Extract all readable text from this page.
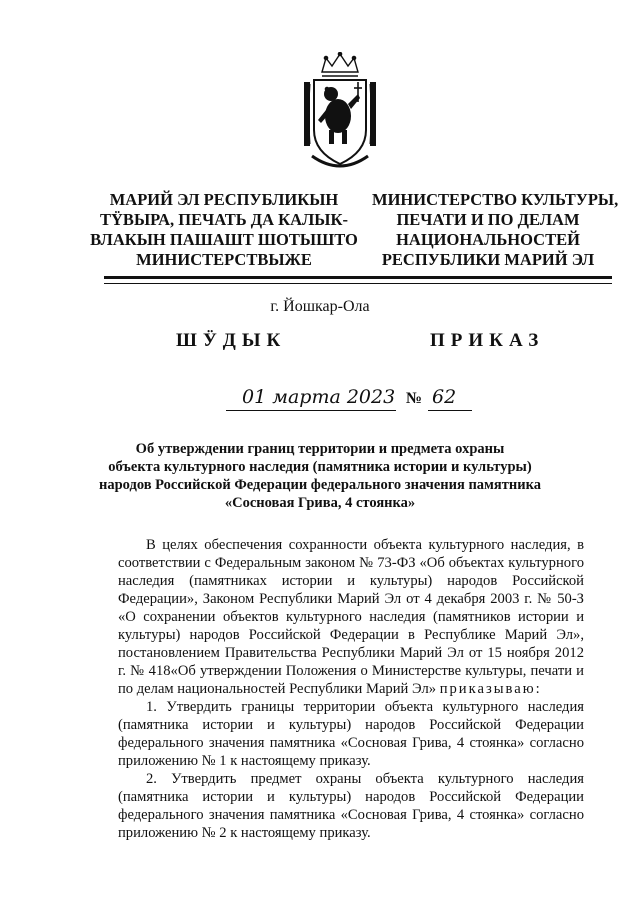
МАРИЙ ЭЛ РЕСПУБЛИКЫН
ТŸВЫРА, ПЕЧАТЬ ДА КАЛЫК-
ВЛАКЫН ПАШАШТ ШОТЫШТО
МИНИСТЕРСТВЫЖЕ
МИНИСТЕРСТВО КУЛЬТУРЫ,
ПЕЧАТИ И ПО ДЕЛАМ
НАЦИОНАЛЬНОСТЕЙ
РЕСПУБЛИКИ МАРИЙ ЭЛ
г. Йошкар-Ола
ШӰДЫК	ПРИКАЗ
01 марта 2023 № 62
Об утверждении границ территории и предмета охраны
объекта культурного наследия (памятника истории и культуры)
народов Российской Федерации федерального значения памятника
«Сосновая Грива, 4 стоянка»

В целях обеспечения сохранности объекта культурного наследия, в соответствии с Федеральным законом № 73-ФЗ «Об объектах культурного наследия (памятниках истории и культуры) народов Российской Федерации», Законом Республики Марий Эл от 4 декабря 2003 г. № 50-З «О сохранении объектов культурного наследия (памятников истории и культуры) народов Российской Федерации в Республике Марий Эл», постановлением Правительства Республики Марий Эл от 15 ноября 2012 г. № 418«Об утверждении Положения о Министерстве культуры, печати и по делам национальностей Республики Марий Эл» приказываю:

1. Утвердить границы территории объекта культурного наследия (памятника истории и культуры) народов Российской Федерации федерального значения памятника «Сосновая Грива, 4 стоянка» согласно приложению № 1 к настоящему приказу.

2. Утвердить предмет охраны объекта культурного наследия (памятника истории и культуры) народов Российской Федерации федерального значения памятника «Сосновая Грива, 4 стоянка» согласно приложению № 2 к настоящему приказу.
